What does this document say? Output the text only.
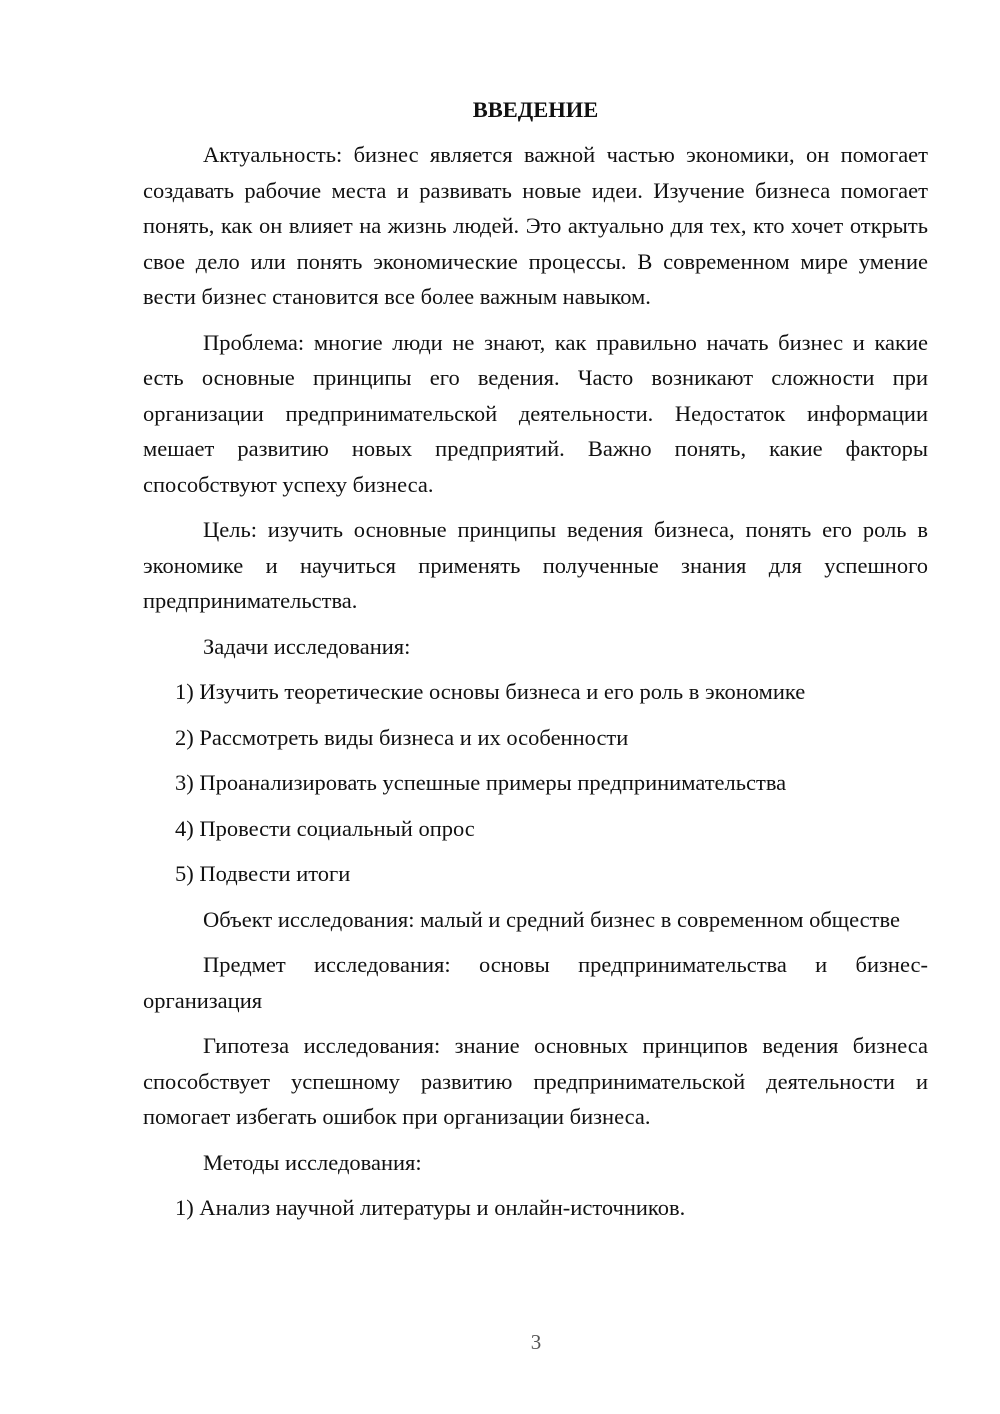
ВВЕДЕНИЕ

Актуальность: бизнес является важной частью экономики, он помогает создавать рабочие места и развивать новые идеи. Изучение бизнеса помогает понять, как он влияет на жизнь людей. Это актуально для тех, кто хочет открыть свое дело или понять экономические процессы. В современном мире умение вести бизнес становится все более важным навыком.

Проблема: многие люди не знают, как правильно начать бизнес и какие есть основные принципы его ведения. Часто возникают сложности при организации предпринимательской деятельности. Недостаток информации мешает развитию новых предприятий. Важно понять, какие факторы способствуют успеху бизнеса.

Цель: изучить основные принципы ведения бизнеса, понять его роль в экономике и научиться применять полученные знания для успешного предпринимательства.

Задачи исследования:
1) Изучить теоретические основы бизнеса и его роль в экономике
2) Рассмотреть виды бизнеса и их особенности
3) Проанализировать успешные примеры предпринимательства
4) Провести социальный опрос
5) Подвести итоги

Объект исследования: малый и средний бизнес в современном обществе

Предмет исследования: основы предпринимательства и бизнес-организация

Гипотеза исследования: знание основных принципов ведения бизнеса способствует успешному развитию предпринимательской деятельности и помогает избегать ошибок при организации бизнеса.

Методы исследования:
1) Анализ научной литературы и онлайн-источников.
3
